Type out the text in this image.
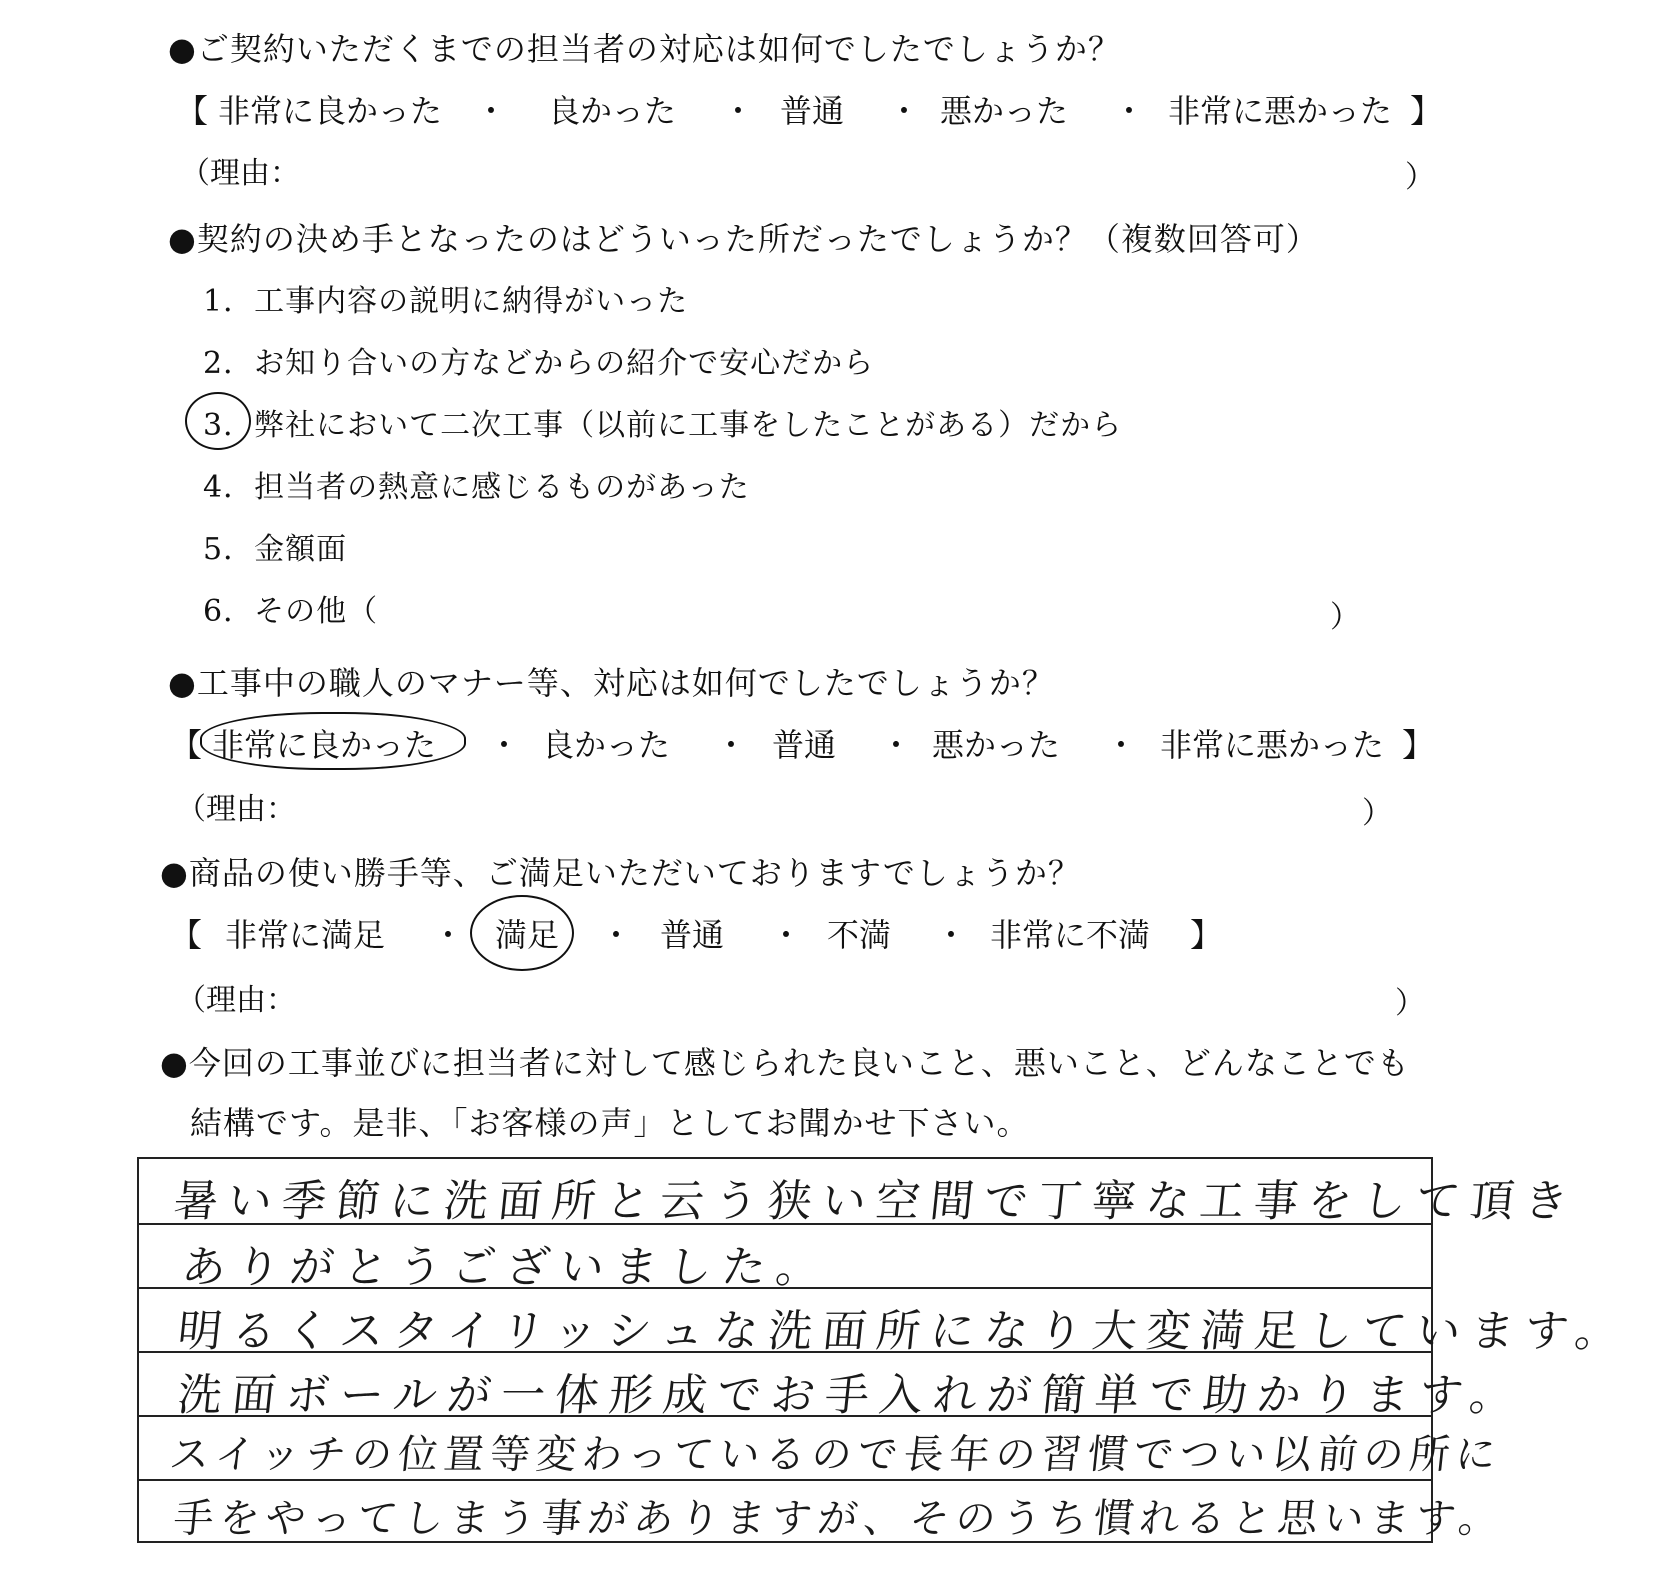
●ご契約いただくまでの担当者の対応は如何でしたでしょうか？
【 非常に良かった ・ 良かった ・ 普通 ・ 悪かった ・ 非常に悪かった 】
（理由：	）
●契約の決め手となったのはどういった所だったでしょうか？（複数回答可）
1．工事内容の説明に納得がいった
2．お知り合いの方などからの紹介で安心だから
3．弊社において二次工事（以前に工事をしたことがある）だから
4．担当者の熱意に感じるものがあった
5．金額面
6．その他（	）
●工事中の職人のマナー等、対応は如何でしたでしょうか？
【 非常に良かった ・ 良かった ・ 普通 ・ 悪かった ・ 非常に悪かった 】
（理由：	）
●商品の使い勝手等、ご満足いただいておりますでしょうか？
【 非常に満足 ・ 満足 ・ 普通 ・ 不満 ・ 非常に不満 】
（理由：	）
●今回の工事並びに担当者に対して感じられた良いこと、悪いこと、どんなことでも
結構です。是非、「お客様の声」としてお聞かせ下さい。
暑い季節に洗面所と云う狭い空間で丁寧な工事をして頂き
ありがとうございました。
明るくスタイリッシュな洗面所になり大変満足しています。
洗面ボールが一体形成でお手入れが簡単で助かります。
スイッチの位置等変わっているので長年の習慣でつい以前の所に
手をやってしまう事がありますが、そのうち慣れると思います。
